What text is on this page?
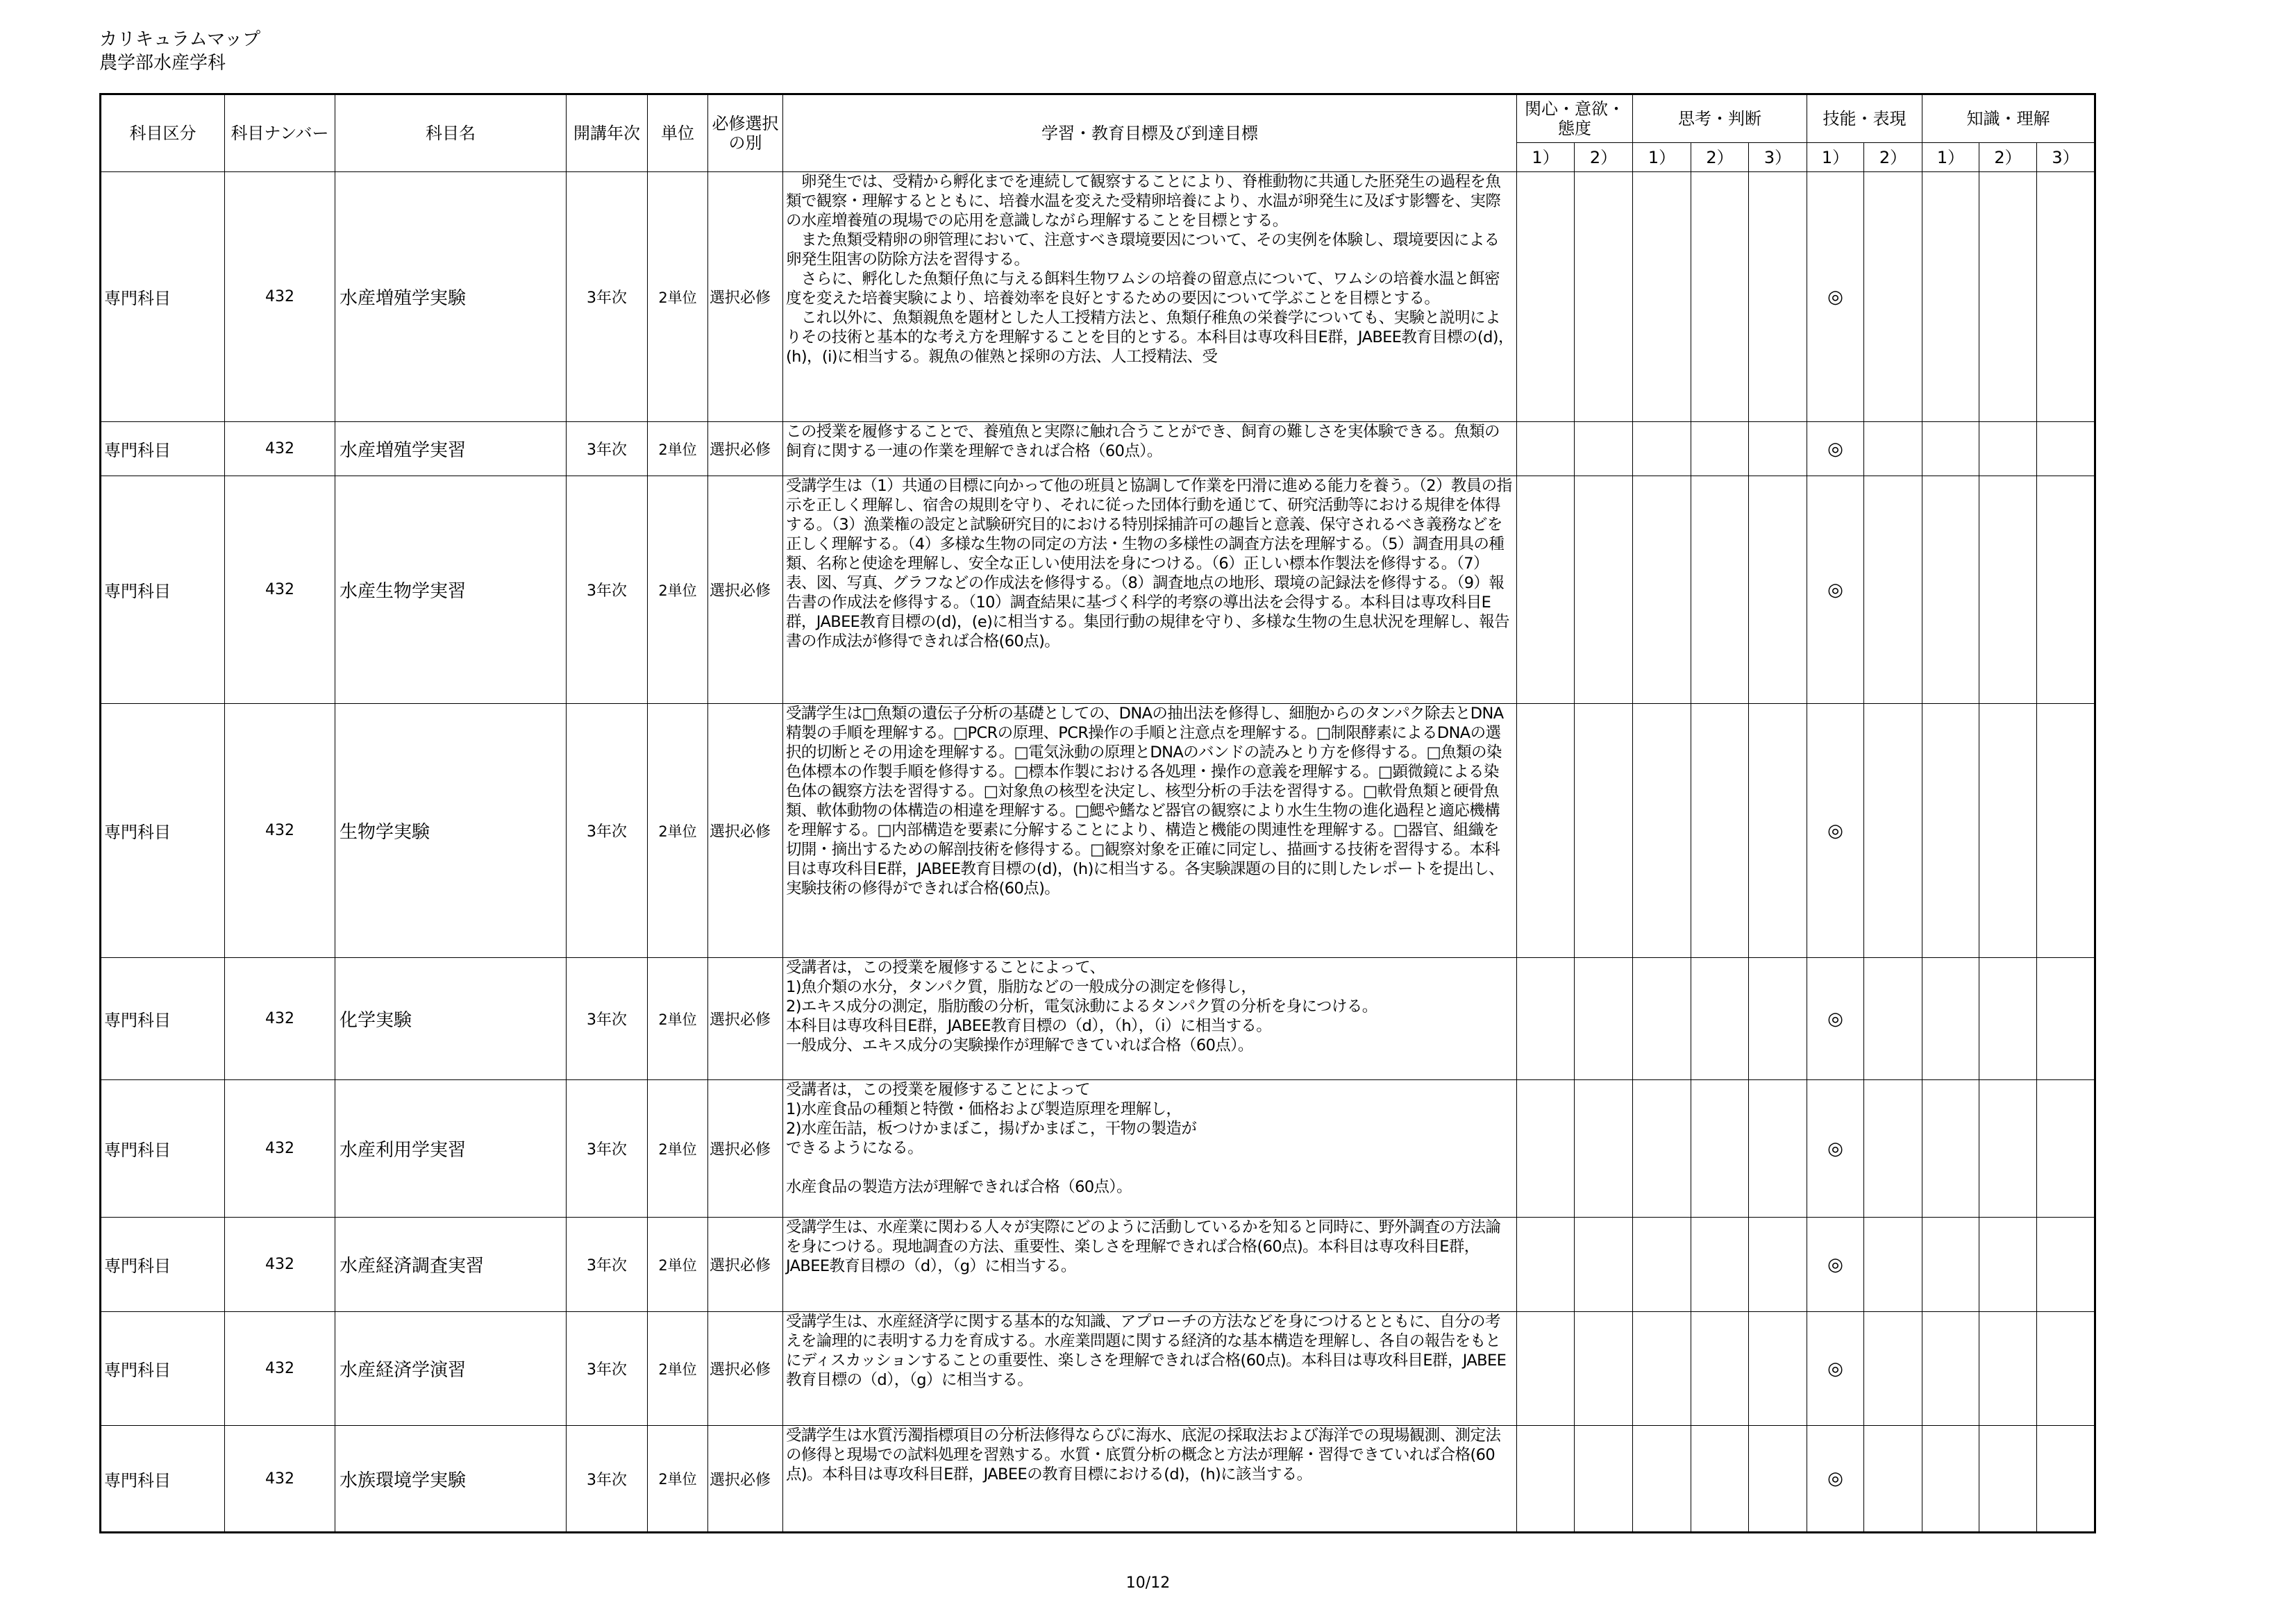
カリキュラムマップ
農学部水産学科
科目区分	科目ナンバー	科目名	開講年次	単位	必修選択の別	学習・教育目標及び到達目標	関心・意欲・態度		思考・判断			技能・表現		知識・理解		
							1）	2）	1）	2）	3）	1）	2）	1）	2）	3）
専門科目	432	水産増殖学実験	3年次	2単位	選択必修	　卵発生では、受精から孵化までを連続して観察することにより、脊椎動物に共通した胚発生の過程を魚類で観察・理解するとともに、培養水温を変えた受精卵培養により、水温が卵発生に及ぼす影響を、実際の水産増養殖の現場での応用を意識しながら理解することを目標とする。
　また魚類受精卵の卵管理において、注意すべき環境要因について、その実例を体験し、環境要因による卵発生阻害の防除方法を習得する。
　さらに、孵化した魚類仔魚に与える餌料生物ワムシの培養の留意点について、ワムシの培養水温と餌密度を変えた培養実験により、培養効率を良好とするための要因について学ぶことを目標とする。
　これ以外に、魚類親魚を題材とした人工授精方法と、魚類仔稚魚の栄養学についても、実験と説明によりその技術と基本的な考え方を理解することを目的とする。本科目は専攻科目E群，JABEE教育目標の(d)，(h)，(i)に相当する。親魚の催熟と採卵の方法、人工授精法、受						◎				
専門科目	432	水産増殖学実習	3年次	2単位	選択必修	この授業を履修することで、養殖魚と実際に触れ合うことができ、飼育の難しさを実体験できる。魚類の飼育に関する一連の作業を理解できれば合格（60点）。						◎				
専門科目	432	水産生物学実習	3年次	2単位	選択必修	受講学生は（1）共通の目標に向かって他の班員と協調して作業を円滑に進める能力を養う。（2）教員の指示を正しく理解し、宿舎の規則を守り、それに従った団体行動を通じて、研究活動等における規律を体得する。（3）漁業権の設定と試験研究目的における特別採捕許可の趣旨と意義、保守されるべき義務などを正しく理解する。（4）多様な生物の同定の方法・生物の多様性の調査方法を理解する。（5）調査用具の種類、名称と使途を理解し、安全な正しい使用法を身につける。（6）正しい標本作製法を修得する。（7）表、図、写真、グラフなどの作成法を修得する。（8）調査地点の地形、環境の記録法を修得する。（9）報告書の作成法を修得する。（10）調査結果に基づく科学的考察の導出法を会得する。本科目は専攻科目E群，JABEE教育目標の(d)，(e)に相当する。集団行動の規律を守り、多様な生物の生息状況を理解し、報告書の作成法が修得できれば合格(60点)。						◎				
専門科目	432	生物学実験	3年次	2単位	選択必修	受講学生は□魚類の遺伝子分析の基礎としての、DNAの抽出法を修得し、細胞からのタンパク除去とDNA精製の手順を理解する。□PCRの原理、PCR操作の手順と注意点を理解する。□制限酵素によるDNAの選択的切断とその用途を理解する。□電気泳動の原理とDNAのバンドの読みとり方を修得する。□魚類の染色体標本の作製手順を修得する。□標本作製における各処理・操作の意義を理解する。□顕微鏡による染色体の観察方法を習得する。□対象魚の核型を決定し、核型分析の手法を習得する。□軟骨魚類と硬骨魚類、軟体動物の体構造の相違を理解する。□鰓や鰭など器官の観察により水生生物の進化過程と適応機構を理解する。□内部構造を要素に分解することにより、構造と機能の関連性を理解する。□器官、組織を切開・摘出するための解剖技術を修得する。□観察対象を正確に同定し、描画する技術を習得する。本科目は専攻科目E群，JABEE教育目標の(d)，(h)に相当する。各実験課題の目的に則したレポートを提出し、実験技術の修得ができれば合格(60点)。						◎				
専門科目	432	化学実験	3年次	2単位	選択必修	受講者は，この授業を履修することによって、
1)魚介類の水分，タンパク質，脂肪などの一般成分の測定を修得し，
2)エキス成分の測定，脂肪酸の分析，電気泳動によるタンパク質の分析を身につける。
本科目は専攻科目E群，JABEE教育目標の（d），（h），（i）に相当する。
一般成分、エキス成分の実験操作が理解できていれば合格（60点）。						◎				
専門科目	432	水産利用学実習	3年次	2単位	選択必修	受講者は，この授業を履修することによって
1)水産食品の種類と特徴・価格および製造原理を理解し，
2)水産缶詰，板つけかまぼこ，揚げかまぼこ，干物の製造が
できるようになる。

水産食品の製造方法が理解できれば合格（60点）。						◎				
専門科目	432	水産経済調査実習	3年次	2単位	選択必修	受講学生は、水産業に関わる人々が実際にどのように活動しているかを知ると同時に、野外調査の方法論を身につける。現地調査の方法、重要性、楽しさを理解できれば合格(60点)。本科目は専攻科目E群，JABEE教育目標の（d），（g）に相当する。						◎				
専門科目	432	水産経済学演習	3年次	2単位	選択必修	受講学生は、水産経済学に関する基本的な知識、アプローチの方法などを身につけるとともに、自分の考えを論理的に表明する力を育成する。水産業問題に関する経済的な基本構造を理解し、各自の報告をもとにディスカッションすることの重要性、楽しさを理解できれば合格(60点)。本科目は専攻科目E群，JABEE教育目標の（d），（g）に相当する。						◎				
専門科目	432	水族環境学実験	3年次	2単位	選択必修	受講学生は水質汚濁指標項目の分析法修得ならびに海水、底泥の採取法および海洋での現場観測、測定法の修得と現場での試料処理を習熟する。水質・底質分析の概念と方法が理解・習得できていれば合格(60点)。本科目は専攻科目E群，JABEEの教育目標における(d)，(h)に該当する。						◎				
10/12
